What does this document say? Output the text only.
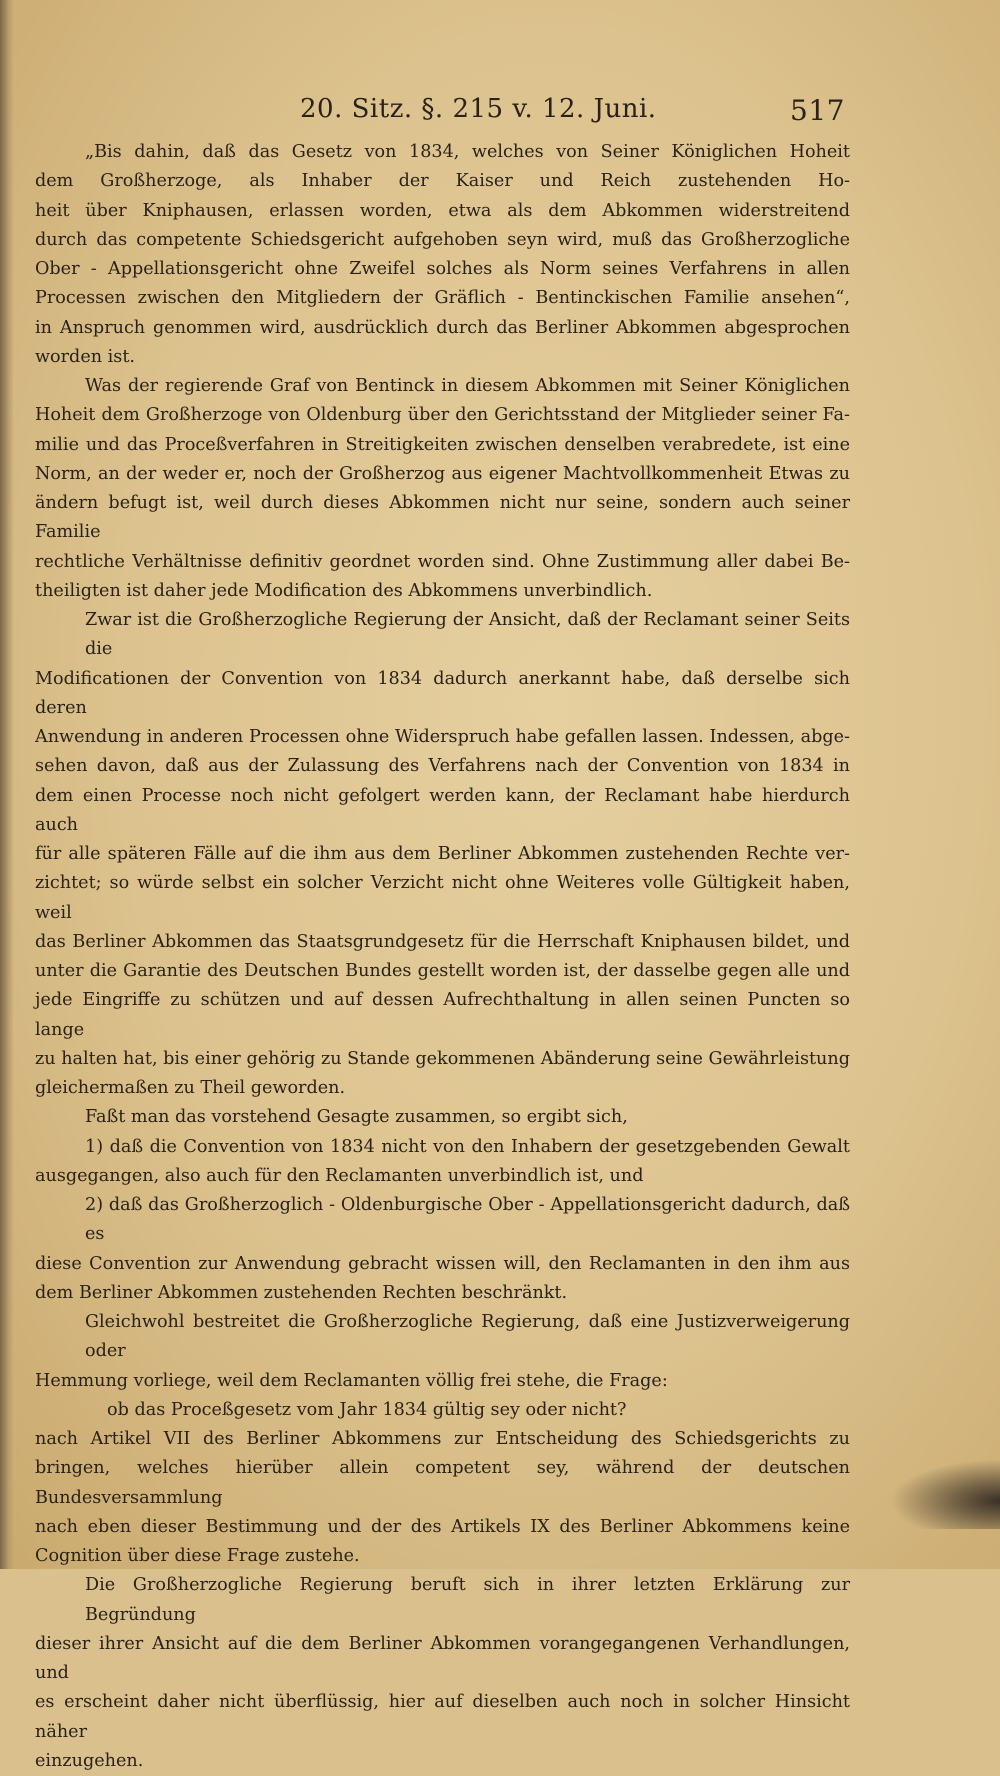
20. Sitz. §. 215 v. 12. Juni.	517

„Bis dahin, daß das Gesetz von 1834, welches von Seiner Königlichen Hoheit

dem Großherzoge, als Inhaber der Kaiser und Reich zustehenden Ho-

heit über Kniphausen, erlassen worden, etwa als dem Abkommen widerstreitend

durch das competente Schiedsgericht aufgehoben seyn wird, muß das Großherzogliche

Ober - Appellationsgericht ohne Zweifel solches als Norm seines Verfahrens in allen

Processen zwischen den Mitgliedern der Gräflich - Bentinckischen Familie ansehen“,

in Anspruch genommen wird, ausdrücklich durch das Berliner Abkommen abgesprochen

worden ist.

Was der regierende Graf von Bentinck in diesem Abkommen mit Seiner Königlichen

Hoheit dem Großherzoge von Oldenburg über den Gerichtsstand der Mitglieder seiner Fa-

milie und das Proceßverfahren in Streitigkeiten zwischen denselben verabredete, ist eine

Norm, an der weder er, noch der Großherzog aus eigener Machtvollkommenheit Etwas zu

ändern befugt ist, weil durch dieses Abkommen nicht nur seine, sondern auch seiner Familie

rechtliche Verhältnisse definitiv geordnet worden sind. Ohne Zustimmung aller dabei Be-

theiligten ist daher jede Modification des Abkommens unverbindlich.

Zwar ist die Großherzogliche Regierung der Ansicht, daß der Reclamant seiner Seits die

Modificationen der Convention von 1834 dadurch anerkannt habe, daß derselbe sich deren

Anwendung in anderen Processen ohne Widerspruch habe gefallen lassen. Indessen, abge-

sehen davon, daß aus der Zulassung des Verfahrens nach der Convention von 1834 in

dem einen Processe noch nicht gefolgert werden kann, der Reclamant habe hierdurch auch

für alle späteren Fälle auf die ihm aus dem Berliner Abkommen zustehenden Rechte ver-

zichtet; so würde selbst ein solcher Verzicht nicht ohne Weiteres volle Gültigkeit haben, weil

das Berliner Abkommen das Staatsgrundgesetz für die Herrschaft Kniphausen bildet, und

unter die Garantie des Deutschen Bundes gestellt worden ist, der dasselbe gegen alle und

jede Eingriffe zu schützen und auf dessen Aufrechthaltung in allen seinen Puncten so lange

zu halten hat, bis einer gehörig zu Stande gekommenen Abänderung seine Gewährleistung

gleichermaßen zu Theil geworden.

Faßt man das vorstehend Gesagte zusammen, so ergibt sich,

1) daß die Convention von 1834 nicht von den Inhabern der gesetzgebenden Gewalt

ausgegangen, also auch für den Reclamanten unverbindlich ist, und

2) daß das Großherzoglich - Oldenburgische Ober - Appellationsgericht dadurch, daß es

diese Convention zur Anwendung gebracht wissen will, den Reclamanten in den ihm aus

dem Berliner Abkommen zustehenden Rechten beschränkt.

Gleichwohl bestreitet die Großherzogliche Regierung, daß eine Justizverweigerung oder

Hemmung vorliege, weil dem Reclamanten völlig frei stehe, die Frage:

ob das Proceßgesetz vom Jahr 1834 gültig sey oder nicht?

nach Artikel VII des Berliner Abkommens zur Entscheidung des Schiedsgerichts zu

bringen, welches hierüber allein competent sey, während der deutschen Bundesversammlung

nach eben dieser Bestimmung und der des Artikels IX des Berliner Abkommens keine

Cognition über diese Frage zustehe.

Die Großherzogliche Regierung beruft sich in ihrer letzten Erklärung zur Begründung

dieser ihrer Ansicht auf die dem Berliner Abkommen vorangegangenen Verhandlungen, und

es erscheint daher nicht überflüssig, hier auf dieselben auch noch in solcher Hinsicht näher

einzugehen.
